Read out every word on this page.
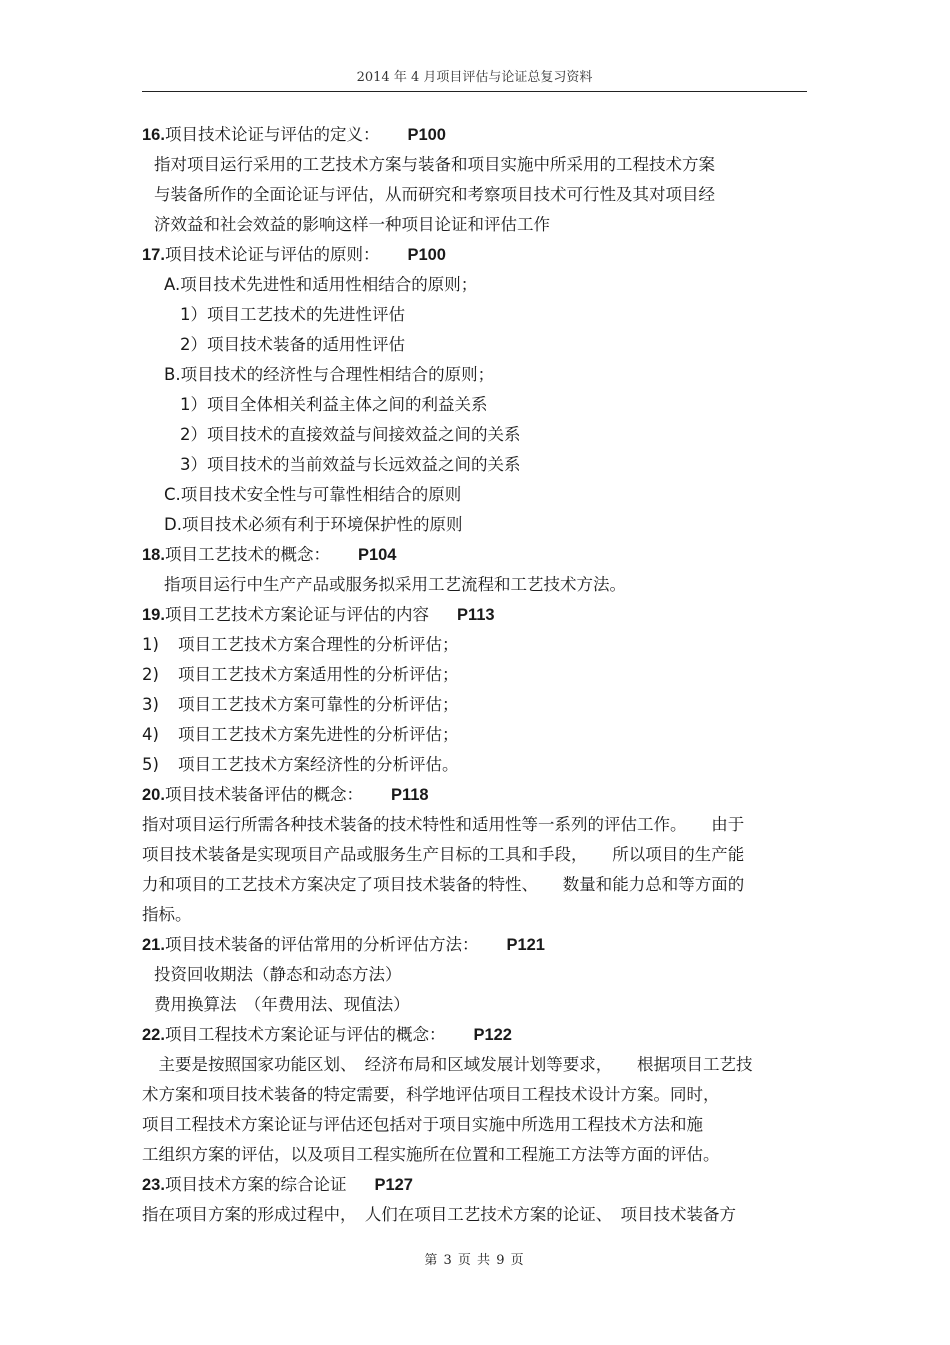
2014 年 4 月项目评估与论证总复习资料
16.项目技术论证与评估的定义： P100
指对项目运行采用的工艺技术方案与装备和项目实施中所采用的工程技术方案
与装备所作的全面论证与评估，从而研究和考察项目技术可行性及其对项目经
济效益和社会效益的影响这样一种项目论证和评估工作
17.项目技术论证与评估的原则： P100
A.项目技术先进性和适用性相结合的原则；
1）项目工艺技术的先进性评估
2）项目技术装备的适用性评估
B.项目技术的经济性与合理性相结合的原则；
1）项目全体相关利益主体之间的利益关系
2）项目技术的直接效益与间接效益之间的关系
3）项目技术的当前效益与长远效益之间的关系
C.项目技术安全性与可靠性相结合的原则
D.项目技术必须有利于环境保护性的原则
18.项目工艺技术的概念： P104
指项目运行中生产产品或服务拟采用工艺流程和工艺技术方法。
19.项目工艺技术方案论证与评估的内容 P113
1) 项目工艺技术方案合理性的分析评估；
2) 项目工艺技术方案适用性的分析评估；
3) 项目工艺技术方案可靠性的分析评估；
4) 项目工艺技术方案先进性的分析评估；
5) 项目工艺技术方案经济性的分析评估。
20.项目技术装备评估的概念： P118
指对项目运行所需各种技术装备的技术特性和适用性等一系列的评估工作。　　由于
项目技术装备是实现项目产品或服务生产目标的工具和手段，　　所以项目的生产能
力和项目的工艺技术方案决定了项目技术装备的特性、　　数量和能力总和等方面的
指标。
21.项目技术装备的评估常用的分析评估方法： P121
投资回收期法（静态和动态方法）
费用换算法　（年费用法、现值法）
22.项目工程技术方案论证与评估的概念： P122
　主要是按照国家功能区划、　经济布局和区域发展计划等要求，　　根据项目工艺技
术方案和项目技术装备的特定需要，科学地评估项目工程技术设计方案。同时，
项目工程技术方案论证与评估还包括对于项目实施中所选用工程技术方法和施
工组织方案的评估，以及项目工程实施所在位置和工程施工方法等方面的评估。
23.项目技术方案的综合论证 P127
指在项目方案的形成过程中，　人们在项目工艺技术方案的论证、　项目技术装备方
第 3 页 共 9 页
